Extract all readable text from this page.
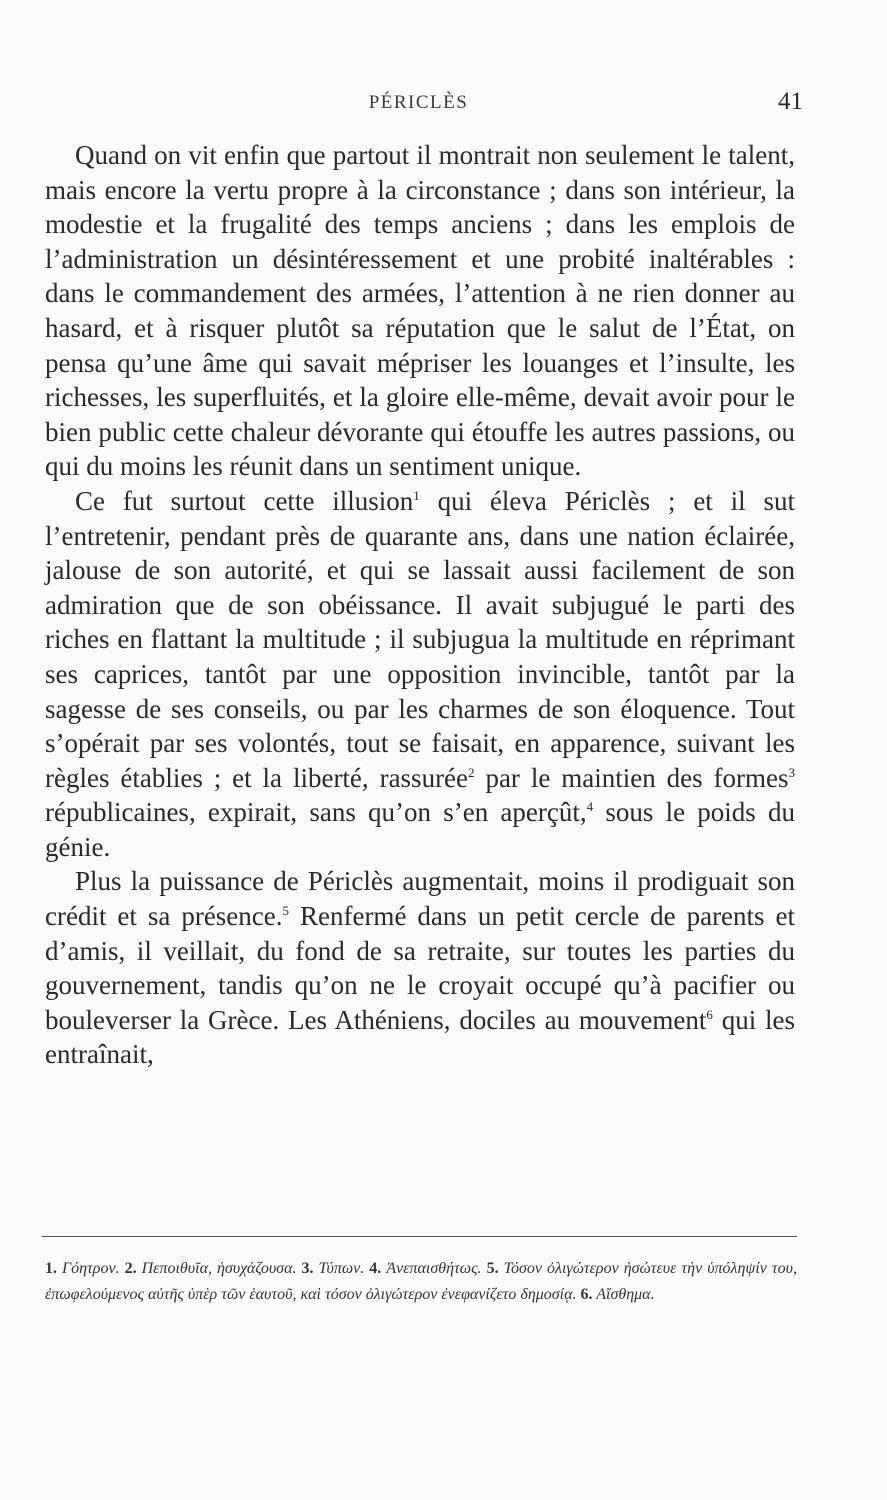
PÉRICLÈS	41

Quand on vit enfin que partout il montrait non seulement le talent, mais encore la vertu propre à la circonstance ; dans son intérieur, la modestie et la frugalité des temps anciens ; dans les emplois de l’administration un désintéressement et une probité inaltérables : dans le commandement des armées, l’attention à ne rien donner au hasard, et à risquer plutôt sa réputation que le salut de l’État, on pensa qu’une âme qui savait mépriser les louanges et l’insulte, les richesses, les superfluités, et la gloire elle-même, devait avoir pour le bien public cette chaleur dévorante qui étouffe les autres passions, ou qui du moins les réunit dans un sentiment unique.

Ce fut surtout cette illusion$^1$ qui éleva Périclès ; et il sut l’entretenir, pendant près de quarante ans, dans une nation éclairée, jalouse de son autorité, et qui se lassait aussi facilement de son admiration que de son obéissance. Il avait subjugué le parti des riches en flattant la multitude ; il subjugua la multitude en réprimant ses caprices, tantôt par une opposition invincible, tantôt par la sagesse de ses conseils, ou par les charmes de son éloquence. Tout s’opérait par ses volontés, tout se faisait, en apparence, suivant les règles établies ; et la liberté, rassurée$^2$ par le maintien des formes$^3$ républicaines, expirait, sans qu’on s’en aperçût,$^4$ sous le poids du génie.

Plus la puissance de Périclès augmentait, moins il prodiguait son crédit et sa présence.$^5$ Renfermé dans un petit cercle de parents et d’amis, il veillait, du fond de sa retraite, sur toutes les parties du gouvernement, tandis qu’on ne le croyait occupé qu’à pacifier ou bouleverser la Grèce. Les Athéniens, dociles au mouvement$^6$ qui les entraînait,

1. Γόητρον. 2. Πεποιθυῖα, ἡσυχάζουσα. 3. Τύπων. 4. Ἀνεπαισθήτως. 5. Τόσον ὀλιγώτερον ἠσώτευε τὴν ὑπόληψίν του, ἐπωφελούμενος αὐτῆς ὑπὲρ τῶν ἑαυτοῦ, καὶ τόσον ὀλιγώτερον ἐνεφανίζετο δημοσίᾳ. 6. Αἴσθημα.
